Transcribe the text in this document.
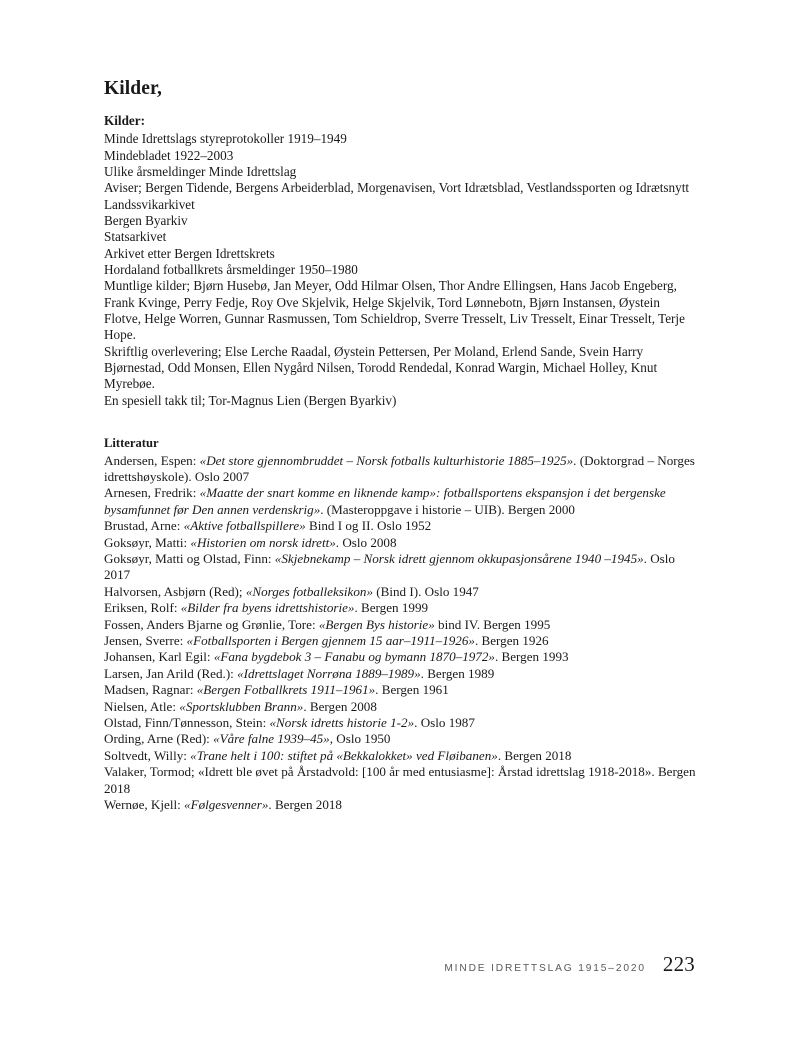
Kilder,
Kilder:
Minde Idrettslags styreprotokoller 1919–1949
Mindebladet 1922–2003
Ulike årsmeldinger Minde Idrettslag
Aviser; Bergen Tidende, Bergens Arbeiderblad, Morgenavisen, Vort Idrætsblad, Vestlandssporten og Idrætsnytt
Landssvikarkivet
Bergen Byarkiv
Statsarkivet
Arkivet etter Bergen Idrettskrets
Hordaland fotballkrets årsmeldinger 1950–1980
Muntlige kilder; Bjørn Husebø, Jan Meyer, Odd Hilmar Olsen, Thor Andre Ellingsen, Hans Jacob Engeberg, Frank Kvinge, Perry Fedje, Roy Ove Skjelvik, Helge Skjelvik, Tord Lønnebotn, Bjørn Instansen, Øystein Flotve, Helge Worren, Gunnar Rasmussen, Tom Schieldrop, Sverre Tresselt, Liv Tresselt, Einar Tresselt, Terje Hope.
Skriftlig overlevering; Else Lerche Raadal, Øystein Pettersen, Per Moland, Erlend Sande, Svein Harry Bjørnestad, Odd Monsen, Ellen Nygård Nilsen, Torodd Rendedal, Konrad Wargin, Michael Holley, Knut Myrebøe.
En spesiell takk til; Tor-Magnus Lien (Bergen Byarkiv)
Litteratur
Andersen, Espen: «Det store gjennombruddet – Norsk fotballs kulturhistorie 1885–1925». (Doktorgrad – Norges idrettshøyskole). Oslo 2007
Arnesen, Fredrik: «Maatte der snart komme en liknende kamp»: fotballsportens ekspansjon i det bergenske bysamfunnet før Den annen verdenskrig». (Masteroppgave i historie – UIB). Bergen 2000
Brustad, Arne: «Aktive fotballspillere» Bind I og II. Oslo 1952
Goksøyr, Matti: «Historien om norsk idrett». Oslo 2008
Goksøyr, Matti og Olstad, Finn: «Skjebnekamp – Norsk idrett gjennom okkupasjonsårene 1940 –1945». Oslo 2017
Halvorsen, Asbjørn (Red); «Norges fotballeksikon» (Bind I). Oslo 1947
Eriksen, Rolf: «Bilder fra byens idrettshistorie». Bergen 1999
Fossen, Anders Bjarne og Grønlie, Tore: «Bergen Bys historie» bind IV. Bergen 1995
Jensen, Sverre: «Fotballsporten i Bergen gjennem 15 aar–1911–1926». Bergen 1926
Johansen, Karl Egil: «Fana bygdebok 3 – Fanabu og bymann 1870–1972». Bergen 1993
Larsen, Jan Arild (Red.): «Idrettslaget Norrøna 1889–1989». Bergen 1989
Madsen, Ragnar: «Bergen Fotballkrets 1911–1961». Bergen 1961
Nielsen, Atle: «Sportsklubben Brann». Bergen 2008
Olstad, Finn/Tønnesson, Stein: «Norsk idretts historie 1-2». Oslo 1987
Ording, Arne (Red): «Våre falne 1939–45», Oslo 1950
Soltvedt, Willy: «Trane helt i 100: stiftet på «Bekkalokket» ved Fløibanen». Bergen 2018
Valaker, Tormod; «Idrett ble øvet på Årstadvold: [100 år med entusiasme]: Årstad idrettslag 1918-2018». Bergen 2018
Wernøe, Kjell: «Følgesvenner». Bergen 2018
MINDE IDRETTSLAG 1915–2020 223
